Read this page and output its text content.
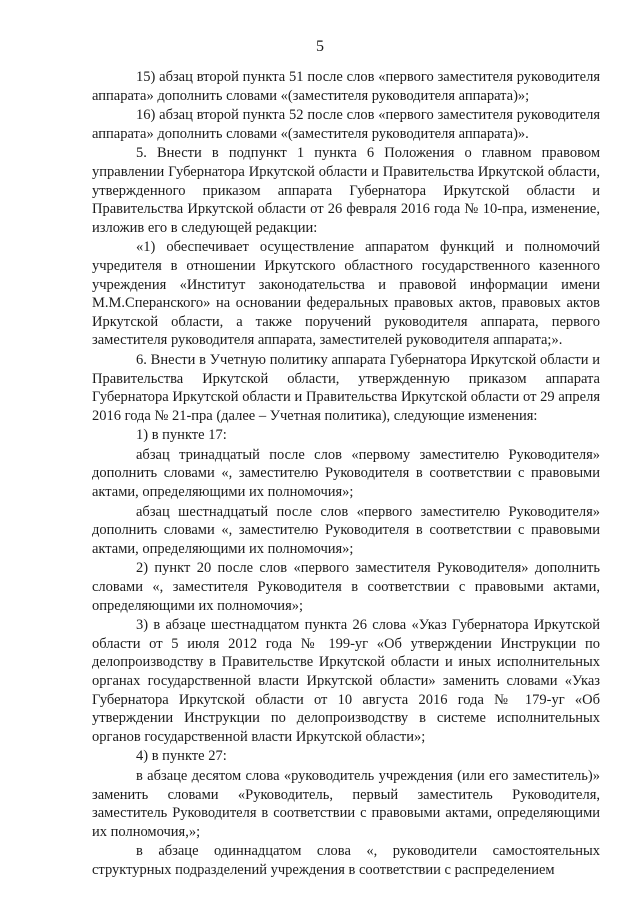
5

15) абзац второй пункта 51 после слов «первого заместителя руководителя аппарата» дополнить словами «(заместителя руководителя аппарата)»;

16) абзац второй пункта 52 после слов «первого заместителя руководителя аппарата» дополнить словами «(заместителя руководителя аппарата)».

5. Внести в подпункт 1 пункта 6 Положения о главном правовом управлении Губернатора Иркутской области и Правительства Иркутской области, утвержденного приказом аппарата Губернатора Иркутской области и Правительства Иркутской области от 26 февраля 2016 года № 10-пра, изменение, изложив его в следующей редакции:

«1) обеспечивает осуществление аппаратом функций и полномочий учредителя в отношении Иркутского областного государственного казенного учреждения «Институт законодательства и правовой информации имени М.М.Сперанского» на основании федеральных правовых актов, правовых актов Иркутской области, а также поручений руководителя аппарата, первого заместителя руководителя аппарата, заместителей руководителя аппарата;».

6. Внести в Учетную политику аппарата Губернатора Иркутской области и Правительства Иркутской области, утвержденную приказом аппарата Губернатора Иркутской области и Правительства Иркутской области от 29 апреля 2016 года № 21-пра (далее – Учетная политика), следующие изменения:

1) в пункте 17:

абзац тринадцатый после слов «первому заместителю Руководителя» дополнить словами «, заместителю Руководителя в соответствии с правовыми актами, определяющими их полномочия»;

абзац шестнадцатый после слов «первого заместителю Руководителя» дополнить словами «, заместителю Руководителя в соответствии с правовыми актами, определяющими их полномочия»;

2) пункт 20 после слов «первого заместителя Руководителя» дополнить словами «, заместителя Руководителя в соответствии с правовыми актами, определяющими их полномочия»;

3) в абзаце шестнадцатом пункта 26 слова «Указ Губернатора Иркутской области от 5 июля 2012 года № 199-уг «Об утверждении Инструкции по делопроизводству в Правительстве Иркутской области и иных исполнительных органах государственной власти Иркутской области» заменить словами «Указ Губернатора Иркутской области от 10 августа 2016 года № 179-уг «Об утверждении Инструкции по делопроизводству в системе исполнительных органов государственной власти Иркутской области»;

4) в пункте 27:

в абзаце десятом слова «руководитель учреждения (или его заместитель)» заменить словами «Руководитель, первый заместитель Руководителя, заместитель Руководителя в соответствии с правовыми актами, определяющими их полномочия,»;

в абзаце одиннадцатом слова «, руководители самостоятельных структурных подразделений учреждения в соответствии с распределением
